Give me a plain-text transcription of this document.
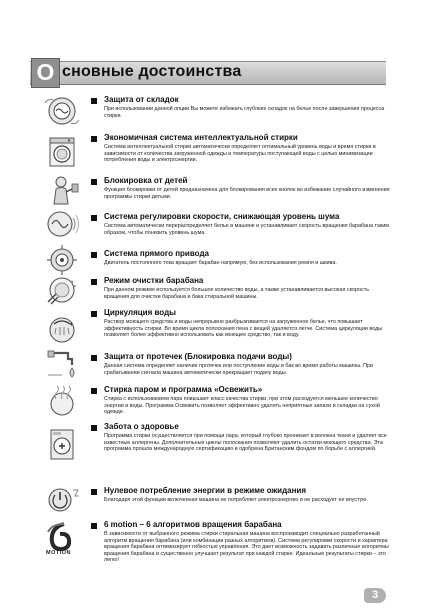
О сновные достоинства
Защита от складок
При использовании данной опции Вы можете избежать глубоких складок на белье после завершения процесса стирки.
Экономичная система интеллектуальной стирки
Система интеллектуальной стирки автоматически определяет оптимальный уровень воды и время стирки в зависимости от количества загруженной одежды и температуры поступающей воды с целью минимизации потребления воды и электроэнергии.
Блокировка от детей
Функция блокировки от детей предназначена для блокирования всех кнопок во избежание случайного изменения программы стирки детьми.
Система регулировки скорости, снижающая уровень шума
Система автоматически перераспределяет белье в машине и устанавливает скорость вращения барабана таким образом, чтобы понизить уровень шума.
Система прямого привода
Двигатель постоянного тока вращает барабан напрямую, без использования ремня и шкива.
Режим очистки барабана
При данном режиме используется большое количество воды, а также устанавливается высокая скорость вращения для очистки барабана и бака стиральной машины.
Циркуляция воды
Раствор моющего средства и воды непрерывно разбрызгивается на загруженное белье, что повышает эффективность стирки. Во время цикла полоскания пена с вещей удаляется легче. Система циркуляции воды позволяет более эффективно использовать как моющее средство, так и воду.
Защита от протечек (Блокировка подачи воды)
Данная система определяет наличие протечек или поступление воды в бак во время работы машины. При срабатывании сигнала машина автоматически прекращает подачу воды.
Стирка паром и программа «Освежить»
Стирка с использованием пара повышает класс качества стирки, при этом расходуется меньшее количество энергии и воды. Программа Освежить позволяет эффективно удалять неприятные запахи и складки на сухой одежде.
Забота о здоровье
Программа стирки осуществляется при помощи пара, который глубоко проникает в волокна ткани и удаляет все известные аллергены. Дополнительные циклы полоскания позволяют удалить остатки моющего средства. Эта программа прошла международную сертификацию и одобрена Британским фондом по борьбе с аллергией.
Нулевое потребление энергии в режиме ожидания
Благодаря этой функции включенная машина не потребляет электроэнергию и не расходует ее впустую.
MOTION
6 motion – 6 алгоритмов вращения барабана
В зависимости от выбранного режима стирки стиральная машина воспроизводит специально разработанный алгоритм вращения барабана (или комбинации разных алгоритмов). Система регулировки скорости и характера вращения барабана оптимизирует гибкостью управления. Это дает возможность задавать различные алгоритмы вращения барабана и существенно улучшает результат при каждой стирке. Идеальные результаты стирки – это легко!
3
